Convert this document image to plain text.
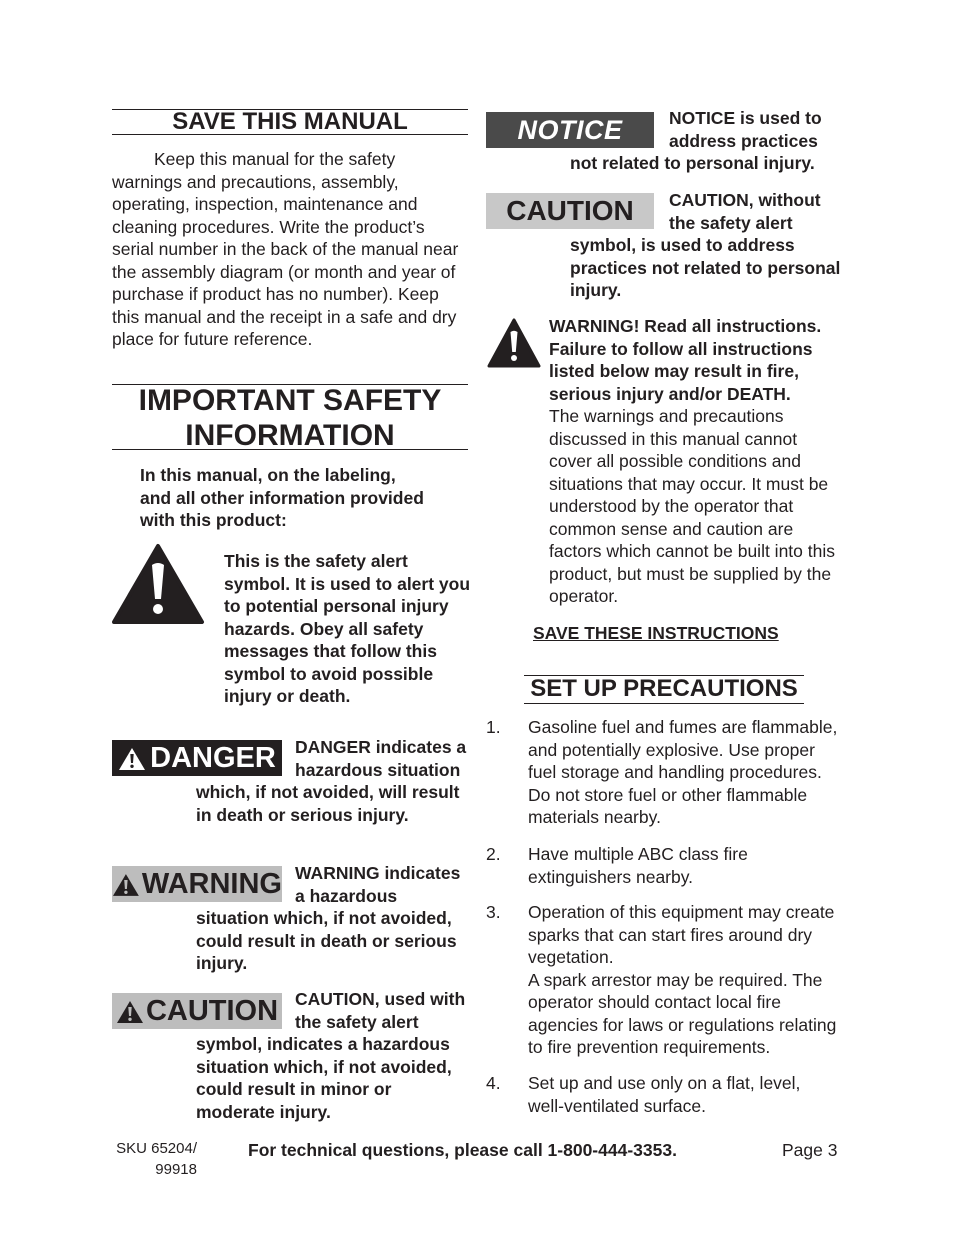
SAVE THIS MANUAL
Keep this manual for the safety warnings and precautions, assembly, operating, inspection, maintenance and cleaning procedures. Write the product’s serial number in the back of the manual near the assembly diagram (or month and year of purchase if product has no number). Keep this manual and the receipt in a safe and dry place for future reference.
IMPORTANT SAFETY
INFORMATION
In this manual, on the labeling, and all other information provided with this product:
This is the safety alert symbol. It is used to alert you to potential personal injury hazards. Obey all safety messages that follow this symbol to avoid possible injury or death.
DANGER	DANGER indicates a hazardous situation which, if not avoided, will result in death or serious injury.
WARNING WARNING indicates a hazardous situation which, if not avoided, could result in death or serious injury.
CAUTION CAUTION, used with the safety alert symbol, indicates a hazardous situation which, if not avoided, could result in minor or moderate injury.
NOTICE	NOTICE is used to address practices not related to personal injury.
CAUTION	CAUTION, without the safety alert symbol, is used to address practices not related to personal injury.
WARNING! Read all instructions. Failure to follow all instructions listed below may result in fire, serious injury and/or DEATH.
The warnings and precautions discussed in this manual cannot cover all possible conditions and situations that may occur. It must be understood by the operator that common sense and caution are factors which cannot be built into this product, but must be supplied by the operator.
SAVE THESE INSTRUCTIONS
SET UP PRECAUTIONS
1. Gasoline fuel and fumes are flammable, and potentially explosive. Use proper fuel storage and handling procedures. Do not store fuel or other flammable materials nearby.
2. Have multiple ABC class fire extinguishers nearby.
3. Operation of this equipment may create sparks that can start fires around dry vegetation.
A spark arrestor may be required. The operator should contact local fire agencies for laws or regulations relating to fire prevention requirements.
4. Set up and use only on a flat, level, well-ventilated surface.
SKU 65204/
99918
For technical questions, please call 1-800-444-3353.	Page 3
